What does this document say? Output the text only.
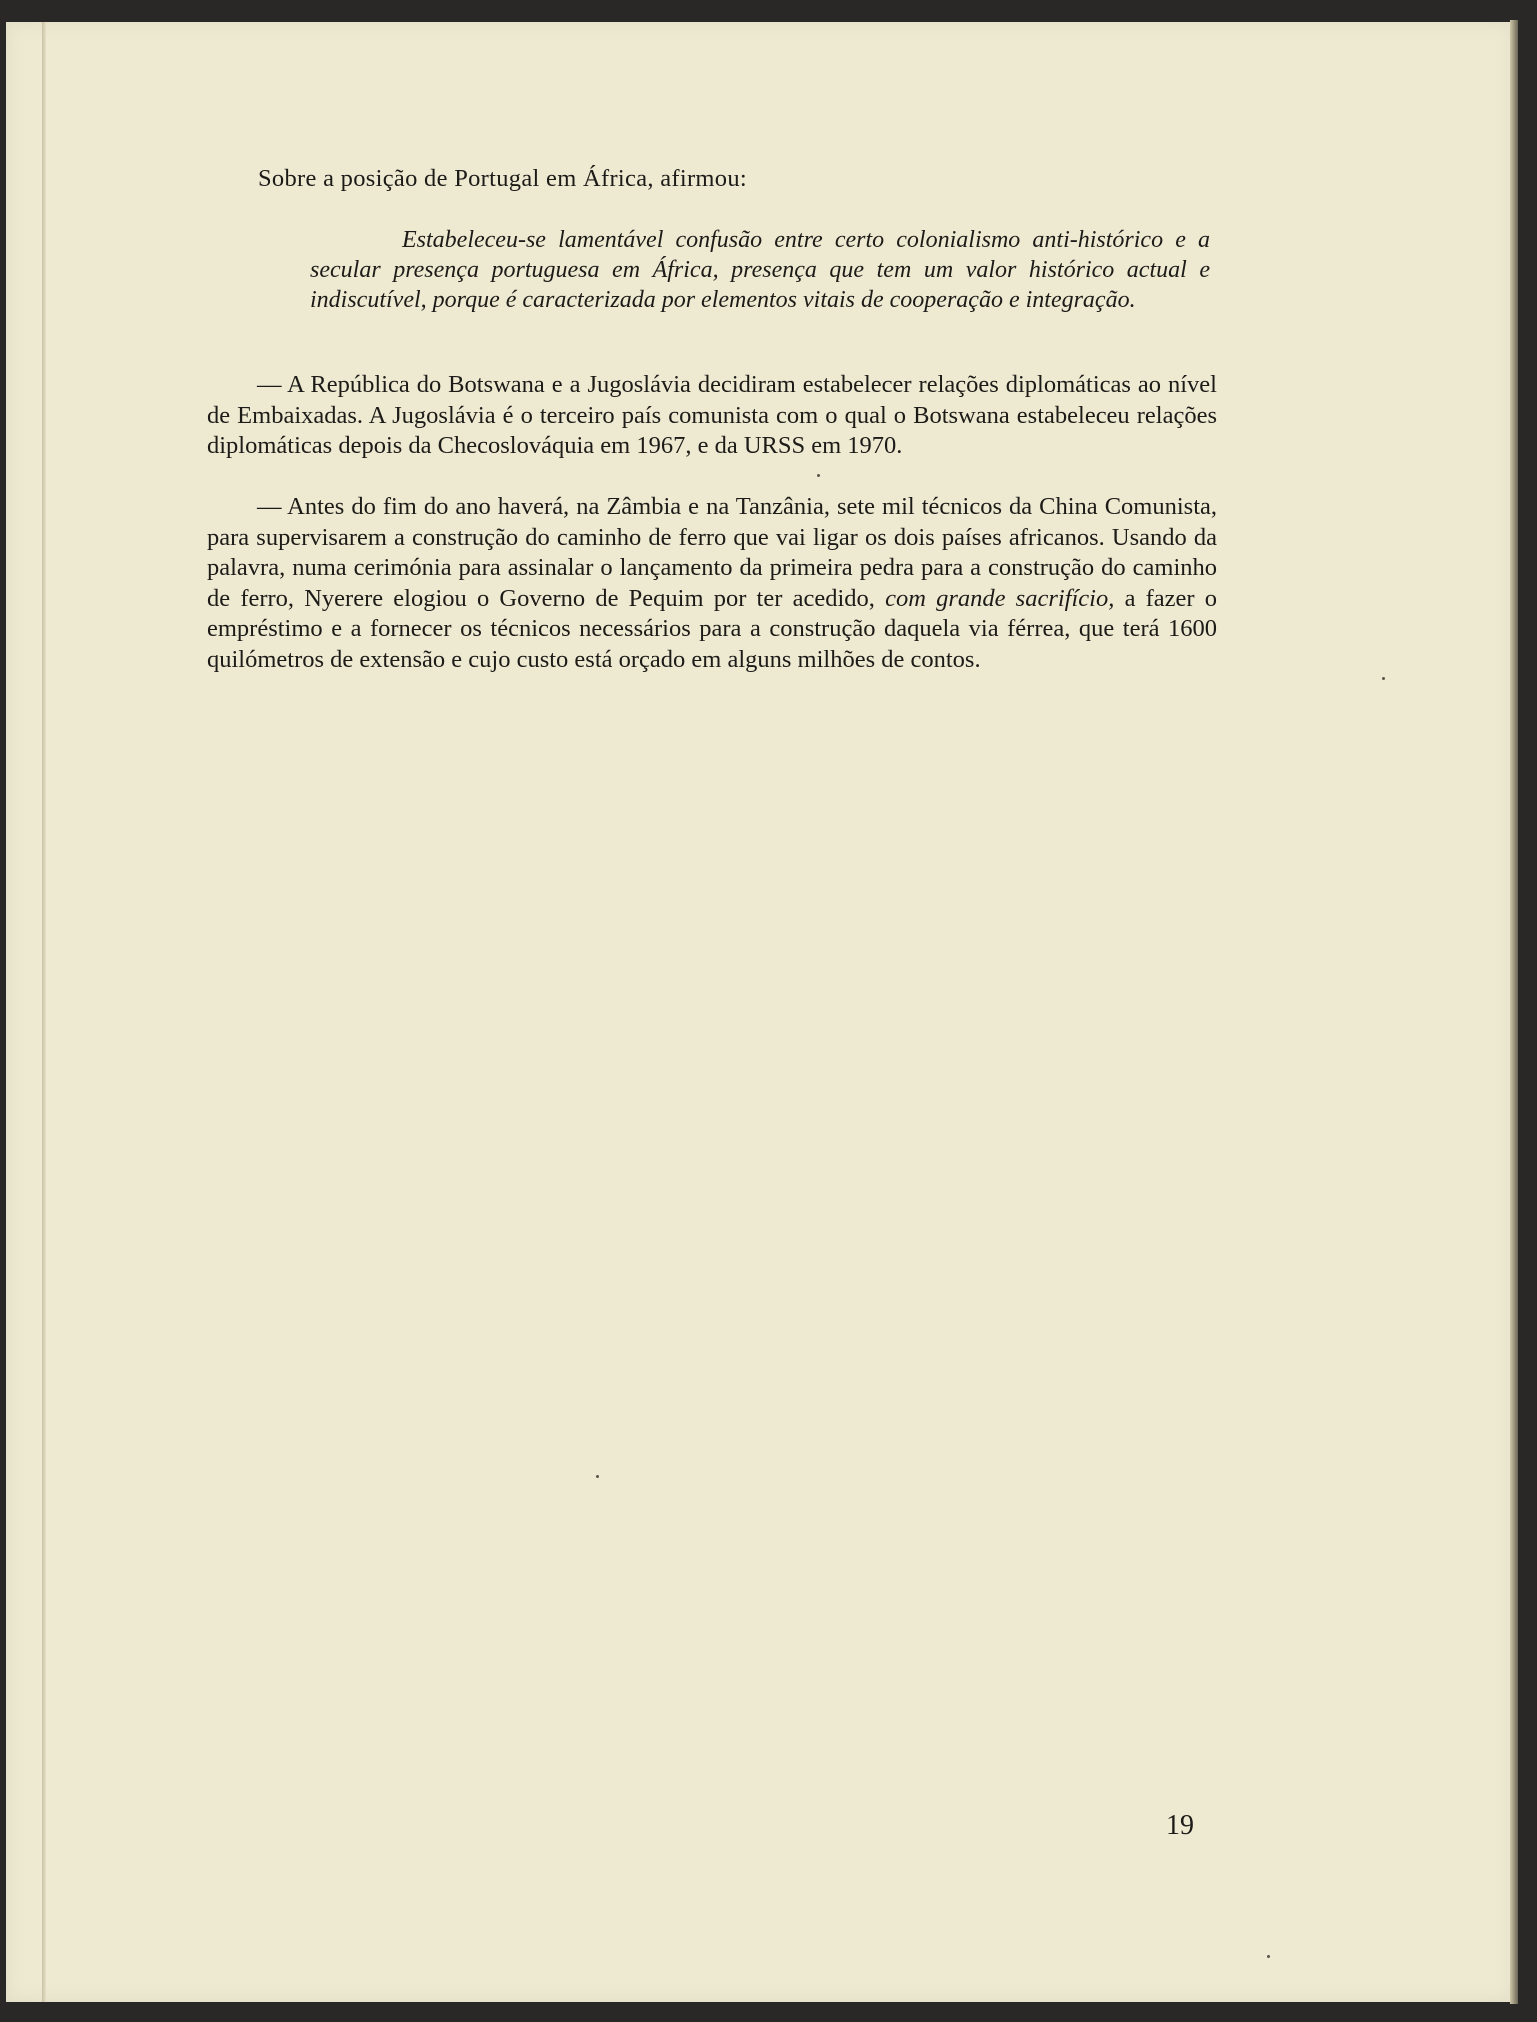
Sobre a posição de Portugal em África, afirmou:
Estabeleceu-se lamentável confusão entre certo colonialismo anti-histórico e a secular presença portuguesa em África, presença que tem um valor histórico actual e indiscutível, porque é caracterizada por elementos vitais de cooperação e integração.

— A República do Botswana e a Jugoslávia decidiram estabelecer relações diplomáticas ao nível de Embaixadas. A Jugoslávia é o terceiro país comunista com o qual o Botswana estabeleceu relações diplomáticas depois da Checoslováquia em 1967, e da URSS em 1970.

— Antes do fim do ano haverá, na Zâmbia e na Tanzânia, sete mil técnicos da China Comunista, para supervisarem a construção do caminho de ferro que vai ligar os dois países africanos. Usando da palavra, numa cerimónia para assinalar o lançamento da primeira pedra para a construção do caminho de ferro, Nyerere elogiou o Governo de Pequim por ter acedido, com grande sacrifício, a fazer o empréstimo e a fornecer os técnicos necessários para a construção daquela via férrea, que terá 1600 quilómetros de extensão e cujo custo está orçado em alguns milhões de contos.

19
